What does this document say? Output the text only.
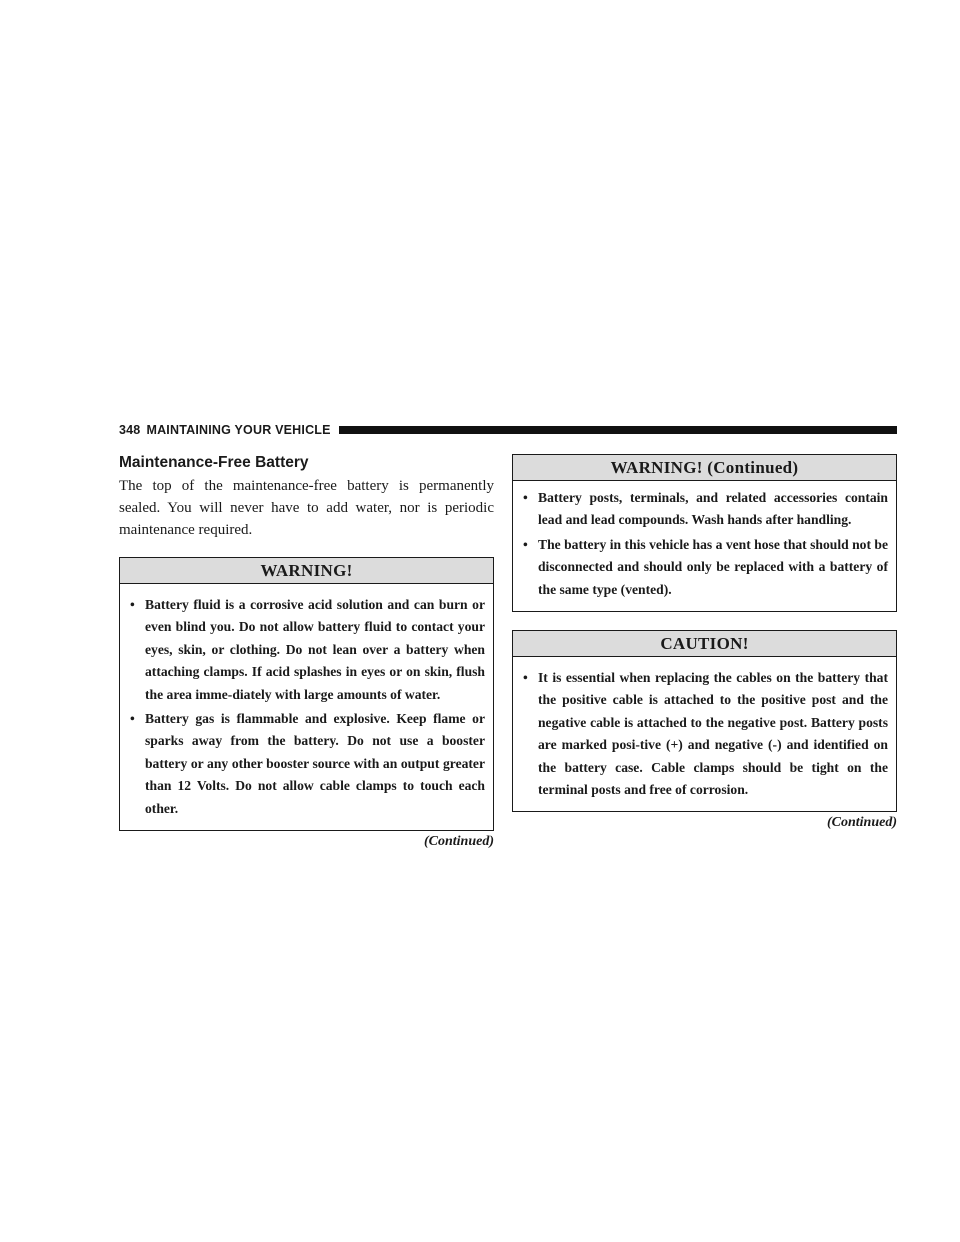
348 MAINTAINING YOUR VEHICLE
Maintenance-Free Battery

The top of the maintenance-free battery is permanently sealed. You will never have to add water, nor is periodic maintenance required.

WARNING!
• Battery fluid is a corrosive acid solution and can burn or even blind you. Do not allow battery fluid to contact your eyes, skin, or clothing. Do not lean over a battery when attaching clamps. If acid splashes in eyes or on skin, flush the area imme-diately with large amounts of water.
• Battery gas is flammable and explosive. Keep flame or sparks away from the battery. Do not use a booster battery or any other booster source with an output greater than 12 Volts. Do not allow cable clamps to touch each other.
(Continued)
WARNING! (Continued)
• Battery posts, terminals, and related accessories contain lead and lead compounds. Wash hands after handling.
• The battery in this vehicle has a vent hose that should not be disconnected and should only be replaced with a battery of the same type (vented).
CAUTION!
• It is essential when replacing the cables on the battery that the positive cable is attached to the positive post and the negative cable is attached to the negative post. Battery posts are marked posi-tive (+) and negative (-) and identified on the battery case. Cable clamps should be tight on the terminal posts and free of corrosion.
(Continued)
